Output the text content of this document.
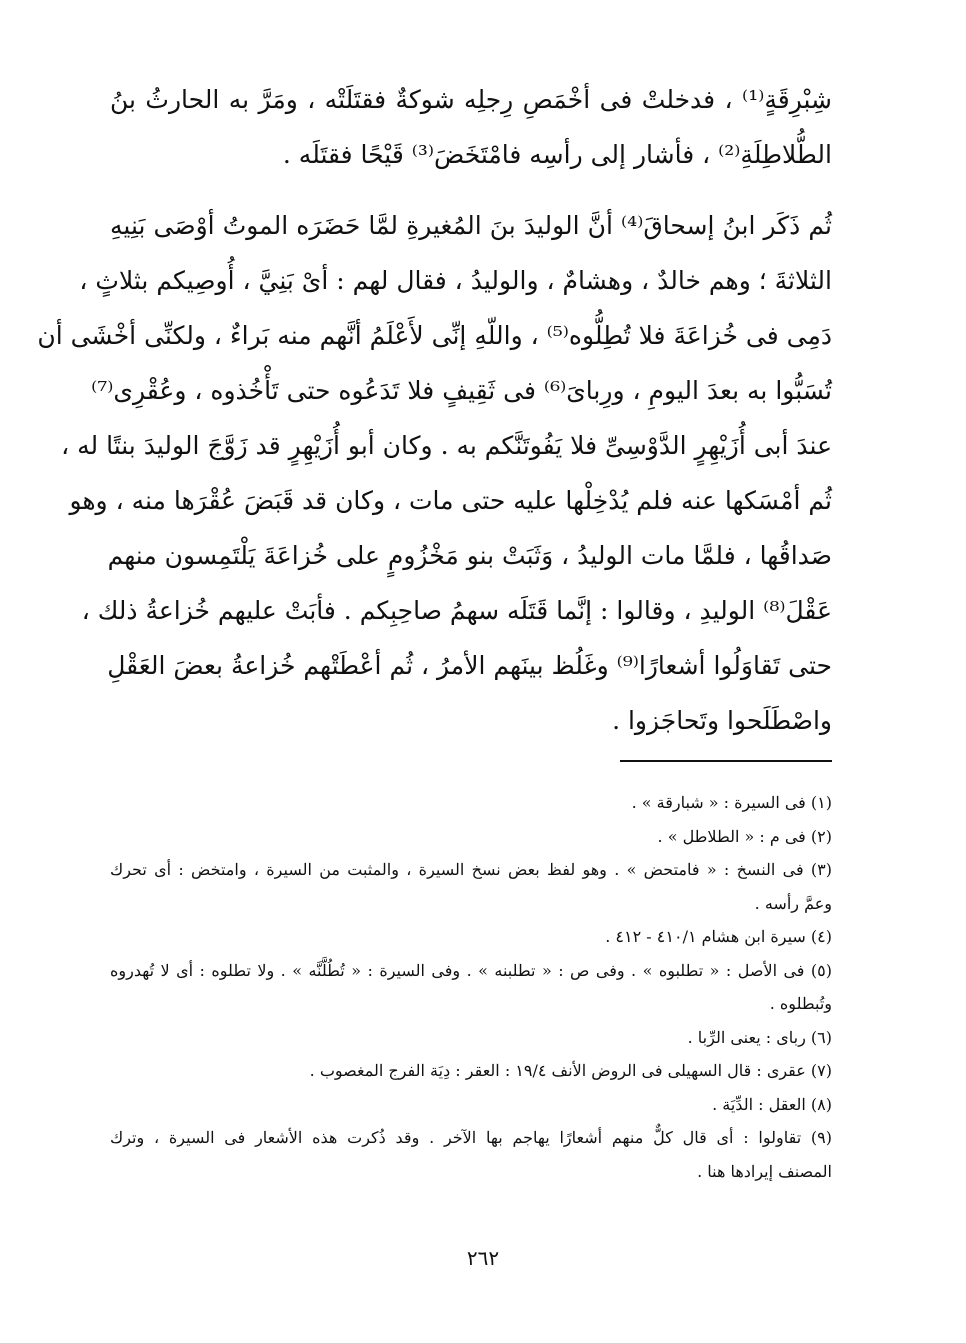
شِبْرِقَةٍ⁽¹⁾ ، فدخلتْ فى أخْمَصِ رِجلِه شوكةٌ فقتَلَتْه ، ومَرَّ به الحارثُ بنُ
الطُّلاطِلَةِ⁽²⁾ ، فأشار إلى رأسِه فامْتَخَضَ⁽³⁾ قَيْحًا فقتَلَه .
ثُم ذَكَر ابنُ إسحاقَ⁽⁴⁾ أنَّ الوليدَ بنَ المُغيرةِ لمَّا حَضَرَه الموتُ أوْصَى بَنِيهِ
الثلاثةَ ؛ وهم خالدٌ ، وهشامٌ ، والوليدُ ، فقال لهم : أىْ بَنِيَّ ، أُوصِيكم بثلاثٍ ،
دَمِى فى خُزاعَةَ فلا تُطِلُّوه⁽⁵⁾ ، واللّهِ إنِّى لأَعْلَمُ أنَّهم منه بَراءٌ ، ولكنِّى أخْشَى أن
تُسَبُّوا به بعدَ اليومِ ، ورِباىَ⁽⁶⁾ فى ثَقِيفٍ فلا تَدَعُوه حتى تَأْخُذوه ، وعُقْرِى⁽⁷⁾
عندَ أبى أُزَيْهِرٍ الدَّوْسِىِّ فلا يَفُوتَنَّكم به . وكان أبو أُزَيْهِرٍ قد زَوَّجَ الوليدَ بنتًا له ،
ثُم أمْسَكها عنه فلم يُدْخِلْها عليه حتى مات ، وكان قد قَبَضَ عُقْرَها منه ، وهو
صَداقُها ، فلمَّا مات الوليدُ ، وَثَبَتْ بنو مَخْزُومٍ على خُزاعَةَ يَلْتَمِسون منهم
عَقْلَ⁽⁸⁾ الوليدِ ، وقالوا : إنَّما قَتَلَه سهمُ صاحِبِكم . فأبَتْ عليهم خُزاعةُ ذلك ،
حتى تَقاوَلُوا أشعارًا⁽⁹⁾ وغَلُظ بينَهم الأمرُ ، ثُم أعْطَتْهم خُزاعةُ بعضَ العَقْلِ
واصْطَلَحوا وتَحاجَزوا .
(١) فى السيرة : « شبارقة » .
(٢) فى م : « الطلاطل » .
(٣) فى النسخ : « فامتحض » . وهو لفظ بعض نسخ السيرة ، والمثبت من السيرة ، وامتخض : أى تحرك
وعمَّ رأسه .
(٤) سيرة ابن هشام ٤١٠/١ - ٤١٢ .
(٥) فى الأصل : « تطلبوه » . وفى ص : « تطلبنه » . وفى السيرة : « تُطُلَّنَّه » . ولا تطلوه : أى لا تُهدروه
وتُبطلوه .
(٦) رباى : يعنى الرِّبا .
(٧) عقرى : قال السهيلى فى الروض الأنف ١٩/٤ : العقر : دِيَة الفرج المغصوب .
(٨) العقل : الدِّيَة .
(٩) تقاولوا : أى قال كلٌّ منهم أشعارًا يهاجم بها الآخر . وقد ذُكرت هذه الأشعار فى السيرة ، وترك
المصنف إيرادها هنا .
٢٦٢
